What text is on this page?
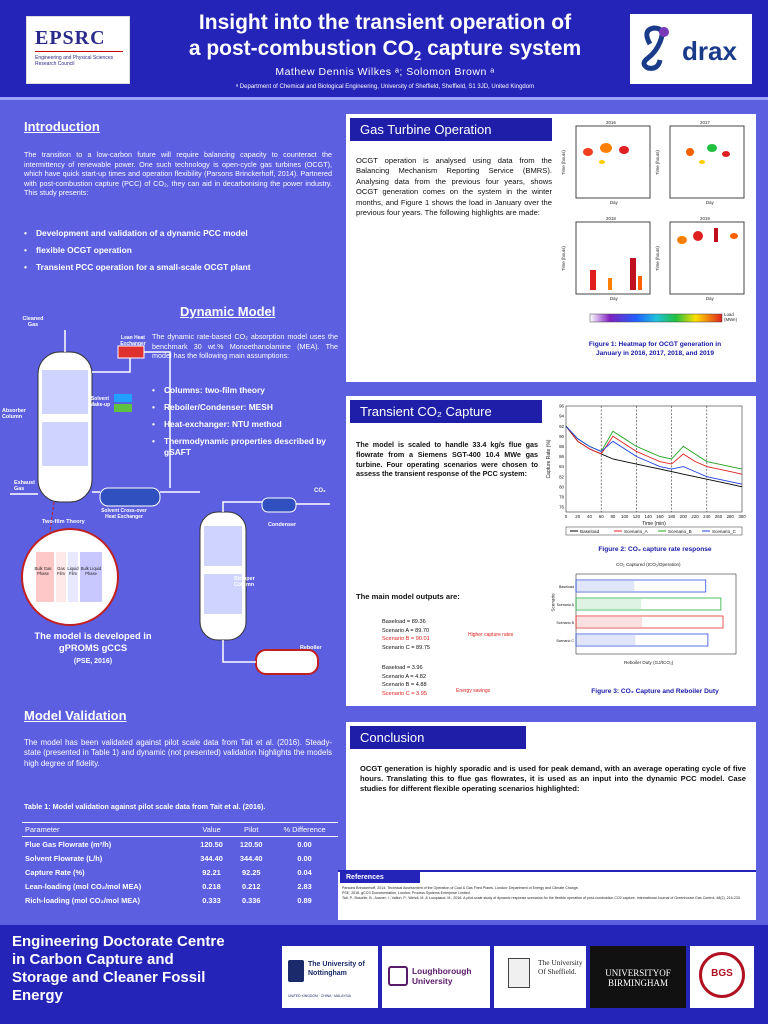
EPSRC
Engineering and Physical Sciences Research Council
Insight into the transient operation of
a post-combustion $CO_2$ capture system
Mathew Dennis Wilkes ᵃ; Solomon Brown ᵃ
ᵃ Department of Chemical and Biological Engineering, University of Sheffield, Sheffield, S1 3JD, United Kingdom
drax
Introduction
The transition to a low-carbon future will require balancing capacity to counteract the intermittency of renewable power. One such technology is open-cycle gas turbines (OCGT), which have quick start-up times and operation flexibility (Parsons Brinckerhoff, 2014). Partnered with post-combustion capture (PCC) of CO₂, they can aid in decarbonising the power industry. This study presents:
• Development and validation of a dynamic PCC model
• flexible OCGT operation
• Transient PCC operation for a small-scale OCGT plant
Dynamic Model
The dynamic rate-based CO₂ absorption model uses the benchmark 30 wt.% Monoethanolamine (MEA). The model has the following main assumptions:
• Columns: two-film theory
• Reboiler/Condenser: MESH
• Heat-exchanger: NTU method
• Thermodynamic properties described by gSAFT
Cleaned Gas
Lean Heat Exchanger
Solvent Make-up
Absorber Column
Exhaust Gas	CO₂
Two-film Theory
Solvent Cross-over Heat Exchanger
Condenser
Stripper Column
Reboiler
Bulk Gas Phase
Gas Film
Liquid Film
Bulk Liquid Phase
The model is developed in gPROMS gCCS
(PSE, 2016)
Model Validation
The model has been validated against pilot scale data from Tait et al. (2016). Steady-state (presented in Table 1) and dynamic (not presented) validation highlights the models high degree of fidelity.
Table 1: Model validation against pilot scale data from Tait et al. (2016).
Parameter	Value	Pilot	% Difference
Flue Gas Flowrate (m³/h)	120.50	120.50	0.00
Solvent Flowrate (L/h)	344.40	344.40	0.00
Capture Rate (%)	92.21	92.25	0.04
Lean-loading (mol CO₂/mol MEA)	0.218	0.212	2.83
Rich-loading (mol CO₂/mol MEA)	0.333	0.336	0.89
Gas Turbine Operation
OCGT operation is analysed using data from the Balancing Mechanism Reporting Service (BMRS). Analysing data from the previous four years, shows OCGT generation comes on the system in the winter months, and Figure 1 shows the load in January over the previous four years. The following highlights are made:
• Used for peak demand in the evenings
• Highly transient behaviour, i.e. ramping to different loads during one operating cycle
• Average operating cycle is 5 hours
• Total annual power output varies
2016	2017
2018	2019
Day	Day
Day	Day
Time (hours)	Time (hours)
Time (hours)	Time (hours)
Load (MWe)
Figure 1: Heatmap for OCGT generation in January in 2016, 2017, 2018, and 2019
Transient CO₂ Capture
The model is scaled to handle 33.4 kg/s flue gas flowrate from a Siemens SGT-400 10.4 MWe gas turbine. Four operating scenarios were chosen to assess the transient response of the PCC system:
• Baseload – Constant five hour operation
• Scenario A – Flue gas changes based off OCGT output
• Scenario B – Flue gas and solvent flowrate is ramped to maintain L/G
• Scenario C – Flue gas, solvent and reboiler steam flowrate is ramped
The main model outputs are:
• Time-averaged CO₂ capture rates (%):
Baseload = 89.36
Scenario A = 89.70
Scenario B = 90.01
Scenario C = 89.75
Higher capture rates
• Reboiler duty (GJ/tCO₂):
Baseload = 3.96
Scenario A = 4.82
Scenario B = 4.88
Scenario C = 3.95	Energy savings
76
78
80
82
84
86
88
90
92
94
96
0 20 40 60 80 100 120 140 160 180 200 220 240 260 280 300
Time (min)
Capture Rate (%)
Baseload	Scenario_A	Scenario_B	Scenario_C
Figure 2: CO₂ capture rate response
Baseload
Scenario A
Scenario B
Scenario C
CO₂ Captured (tCO₂/Operation)
Reboiler Duty (GJ/tCO₂)
Scenario
Figure 3: CO₂ Capture and Reboiler Duty
Conclusion
OCGT generation is highly sporadic and is used for peak demand, with an average operating cycle of five hours. Translating this to flue gas flowrates, it is used as an input into the dynamic PCC model. Case studies for different flexible operating scenarios highlighted:
• Increased time-average CO₂ capture rate when L/G ratio is maintained
• Decrease in reboiler duty when ramping steam flowrate
References
Parsons Brinckerhoff, 2014. Technical Assessment of the Operation of Coal & Gas Fired Plants. London: Department of Energy and Climate Change.
PSE, 2016. gCCS Documentation, London: Process Systems Enterprise Limited.
Tait, P., Buschle, B., Ausner, I., Valluri, P., Wehrli, M. & Lucquiaud, M., 2016. A pilot-scale study of dynamic response scenarios for the flexible operation of post-combustion CO2 capture. International Journal of Greenhouse Gas Control, 48(2), 216-233.
Engineering Doctorate Centre in Carbon Capture and Storage and Cleaner Fossil Energy
The University of Nottingham
UNITED KINGDOM · CHINA · MALAYSIA
Loughborough University
The University Of Sheffield.	UNIVERSITYOF BIRMINGHAM
BGS
